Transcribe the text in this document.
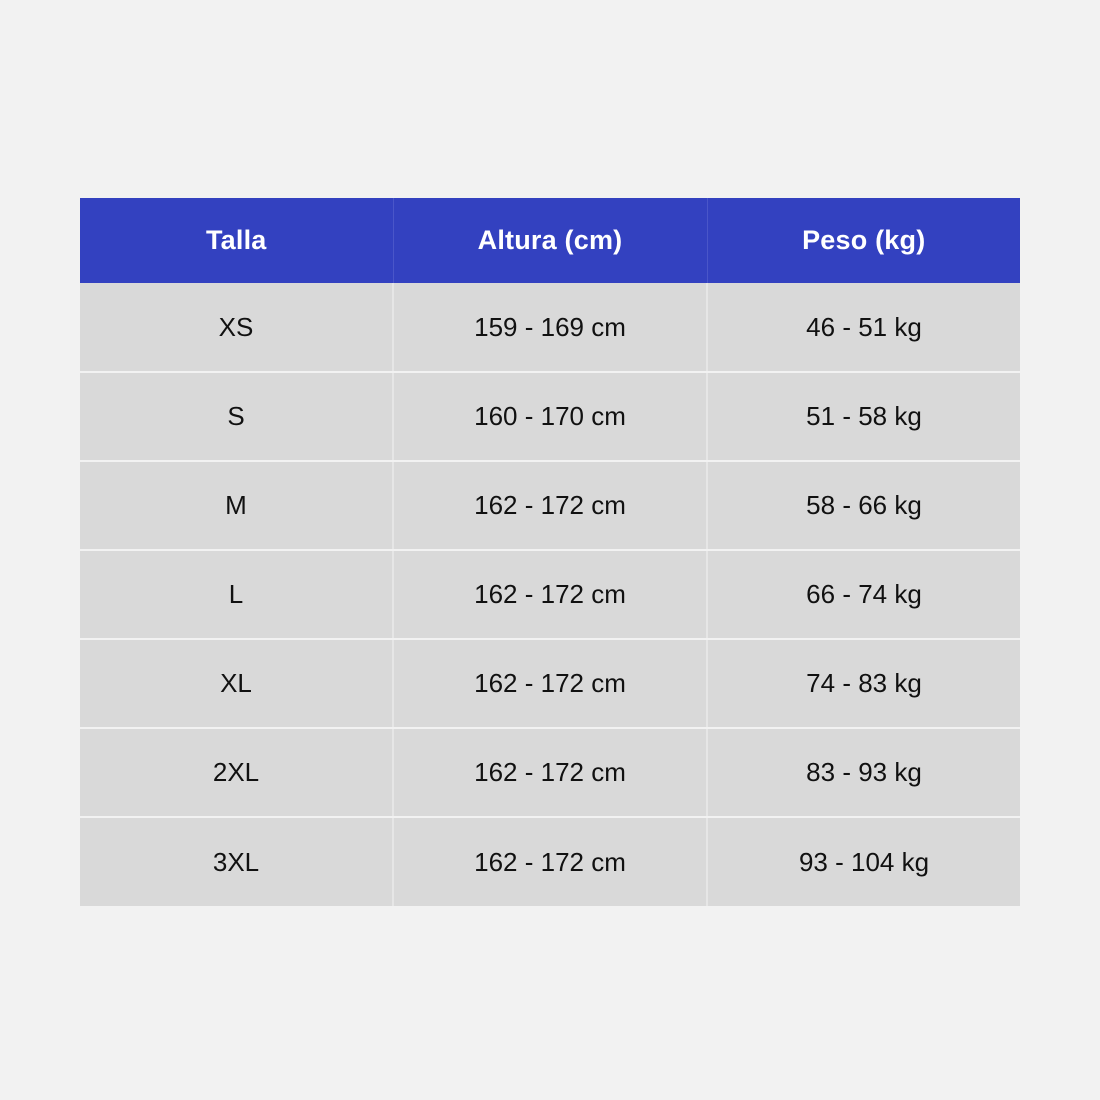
Talla	Altura (cm)	Peso (kg)
XS	159 - 169 cm	46 - 51 kg
S	160 - 170 cm	51 - 58 kg
M	162 - 172 cm	58 - 66 kg
L	162 - 172 cm	66 - 74 kg
XL	162 - 172 cm	74 - 83 kg
2XL	162 - 172 cm	83 - 93 kg
3XL	162 - 172 cm	93 - 104 kg
